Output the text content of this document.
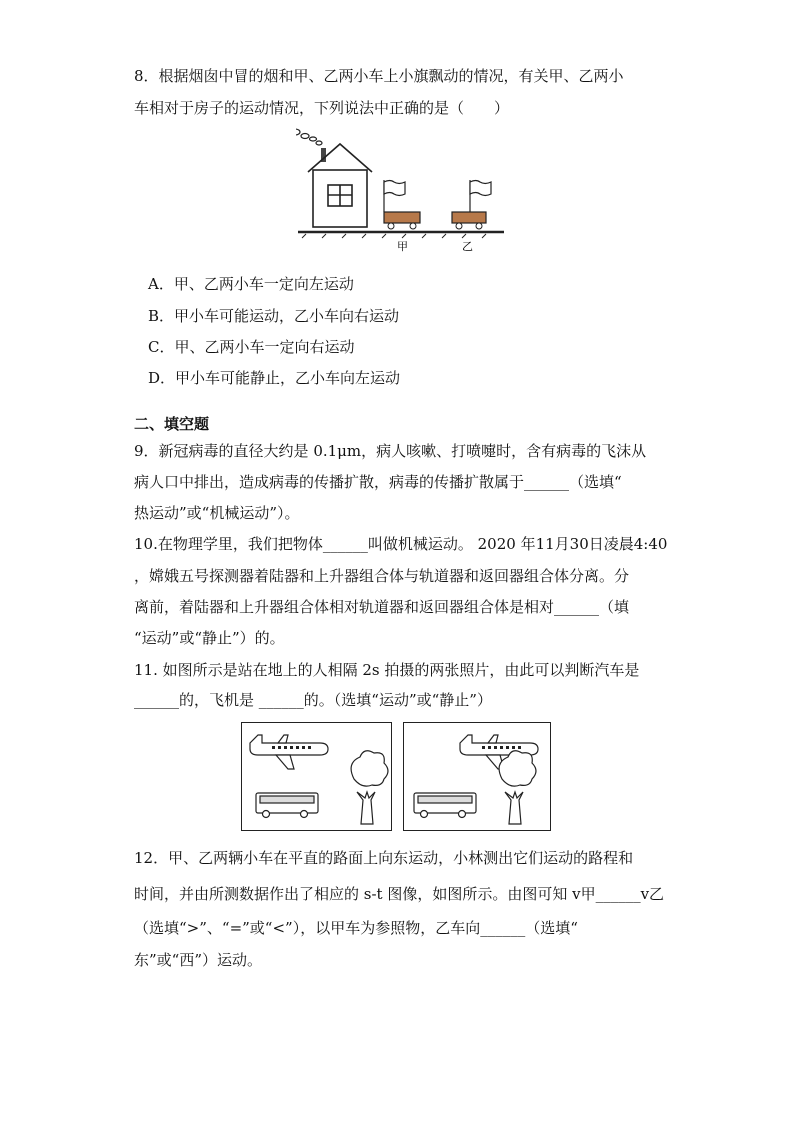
8．根据烟囱中冒的烟和甲、乙两小车上小旗飘动的情况，有关甲、乙两小
车相对于房子的运动情况，下列说法中正确的是（　　）
甲	乙
A．甲、乙两小车一定向左运动
B．甲小车可能运动，乙小车向右运动
C．甲、乙两小车一定向右运动
D．甲小车可能静止，乙小车向左运动
二、填空题
9．新冠病毒的直径大约是 0.1μm，病人咳嗽、打喷嚏时，含有病毒的飞沫从
病人口中排出，造成病毒的传播扩散，病毒的传播扩散属于______（选填“
热运动”或“机械运动”）。
10.在物理学里，我们把物体______叫做机械运动。 2020 年11月30日凌晨4:40
，嫦娥五号探测器着陆器和上升器组合体与轨道器和返回器组合体分离。分
离前，着陆器和上升器组合体相对轨道器和返回器组合体是相对______（填
“运动”或“静止”）的。
11. 如图所示是站在地上的人相隔 2s 拍摄的两张照片，由此可以判断汽车是
______的，飞机是 ______的。（选填“运动”或“静止”）
12．甲、乙两辆小车在平直的路面上向东运动，小林测出它们运动的路程和
时间，并由所测数据作出了相应的 s-t 图像，如图所示。由图可知 v甲______v乙
（选填“>”、“=”或“<”），以甲车为参照物，乙车向______（选填“
东”或“西”）运动。
